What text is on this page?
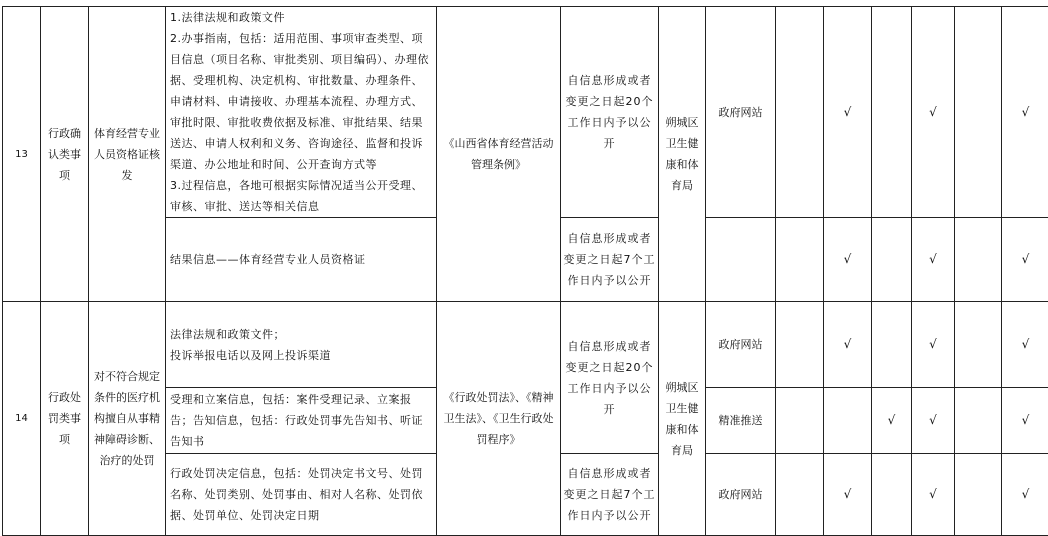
13	行政确认类事项	体育经营专业人员资格证核发	1.法律法规和政策文件
2.办事指南，包括：适用范围、事项审查类型、项目信息（项目名称、审批类别、项目编码）、办理依据、受理机构、决定机构、审批数量、办理条件、申请材料、申请接收、办理基本流程、办理方式、审批时限、审批收费依据及标准、审批结果、结果送达、申请人权利和义务、咨询途径、监督和投诉渠道、办公地址和时间、公开查询方式等
3.过程信息，各地可根据实际情况适当公开受理、审核、审批、送达等相关信息	《山西省体育经营活动管理条例》	自信息形成或者变更之日起20个工作日内予以公开	朔城区卫生健康和体育局	政府网站		√		√		√	

			结果信息——体育经营专业人员资格证		自信息形成或者变更之日起7个工作日内予以公开				√		√		√	
14	行政处罚类事项	对不符合规定条件的医疗机构擅自从事精神障碍诊断、治疗的处罚	法律法规和政策文件；
投诉举报电话以及网上投诉渠道	《行政处罚法》、《精神卫生法》、《卫生行政处罚程序》	自信息形成或者变更之日起20个工作日内予以公开	朔城区卫生健康和体育局	政府网站		√		√		√	

			受理和立案信息，包括：案件受理记录、立案报告；告知信息，包括：行政处罚事先告知书、听证告知书				精准推送			√	√		√	

			行政处罚决定信息，包括：处罚决定书文号、处罚名称、处罚类别、处罚事由、相对人名称、处罚依据、处罚单位、处罚决定日期		自信息形成或者变更之日起7个工作日内予以公开		政府网站		√		√		√	
